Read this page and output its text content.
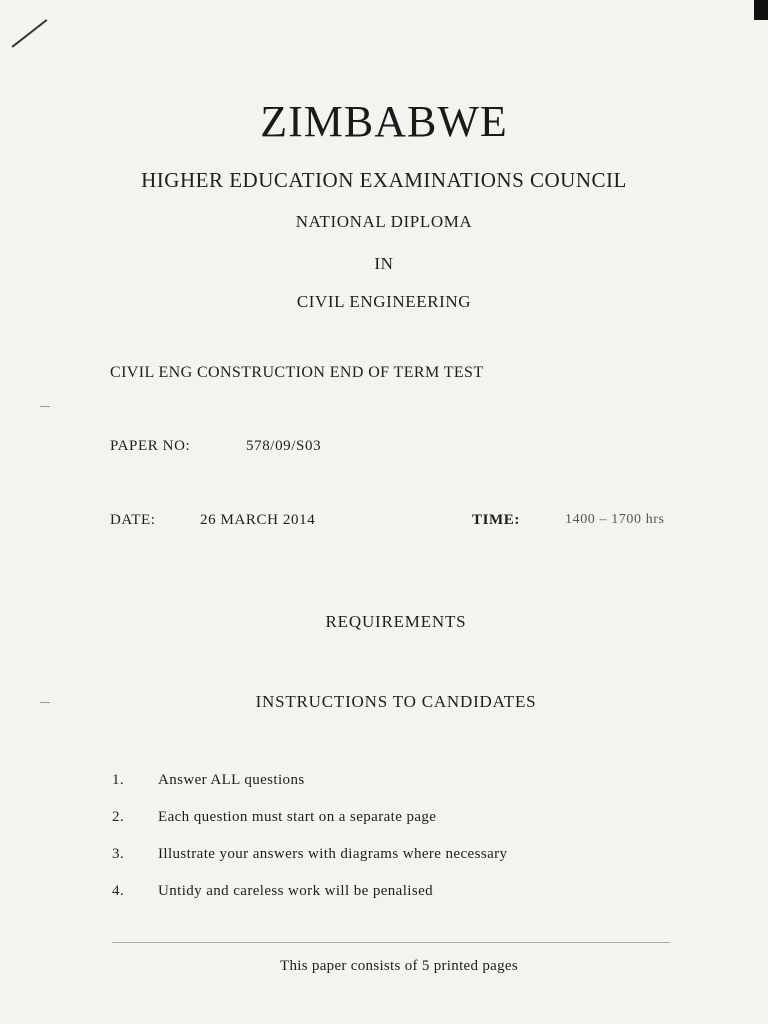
ZIMBABWE
HIGHER EDUCATION EXAMINATIONS COUNCIL
NATIONAL DIPLOMA
IN
CIVIL ENGINEERING
CIVIL ENG CONSTRUCTION END OF TERM TEST
PAPER NO:	578/09/S03
DATE:	26 MARCH 2014	TIME:	1400 – 1700 hrs
REQUIREMENTS
INSTRUCTIONS TO CANDIDATES
1. Answer ALL questions
2. Each question must start on a separate page
3. Illustrate your answers with diagrams where necessary
4. Untidy and careless work will be penalised
This paper consists of 5 printed pages
